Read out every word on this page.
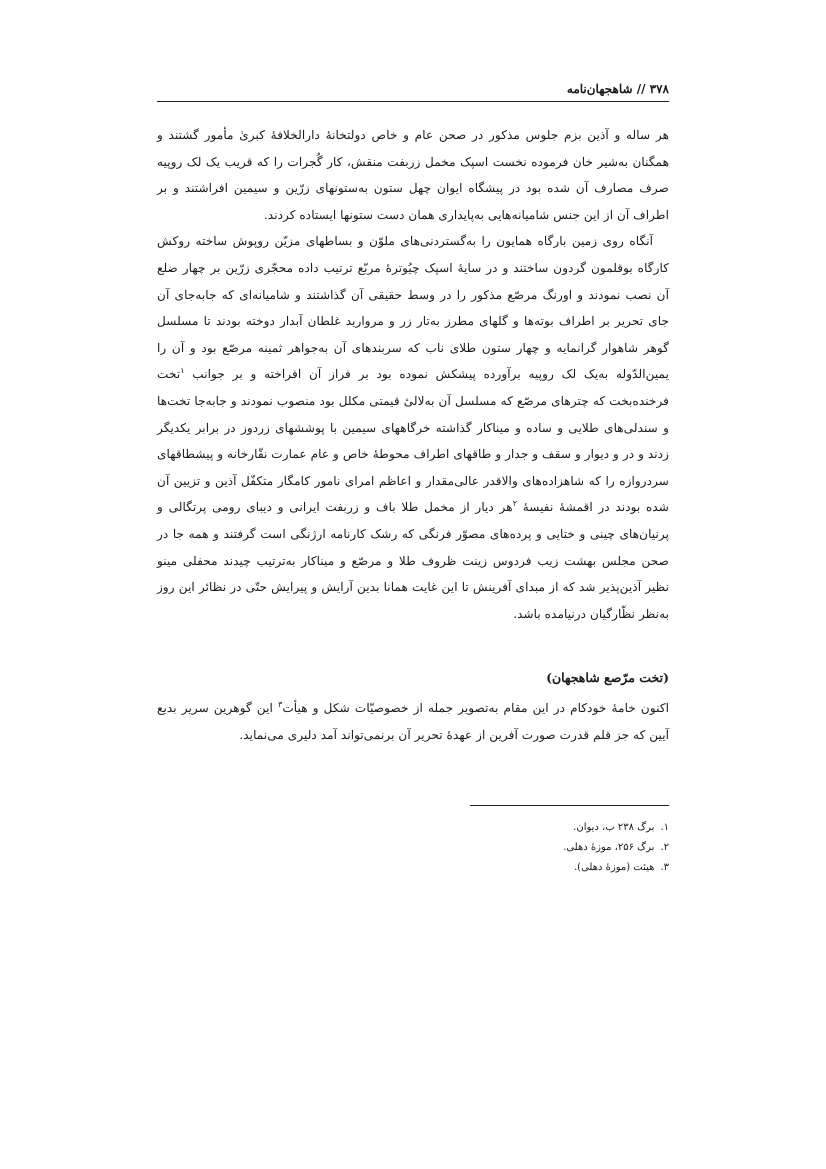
۳۷۸ // شاهجهان‌نامه

هر ساله و آذین بزم جلوس مذکور در صحن عام و خاص دولتخانهٔ دارالخلافهٔ کبریٰ مأمور گشتند و همگنان به‌شیر خان فرموده نخست اسپک مخمل زربفت منقش، کار گُجرات را که قریب یک لک روپیه صرف مصارف آن شده بود در پیشگاه ایوان چهل ستون به‌ستونهای زرّین و سیمین افراشتند و بر اطراف آن از این جنس شامیانه‌هایی به‌پایداری همان دست ستونها ایستاده کردند.

آنگاه روی زمین بارگاه همایون را به‌گستردنی‌های ملوّن و بساطهای مزیّن روپوش ساخته روکش کارگاه بوقلمون گردون ساختند و در سایهٔ اسپک چیُوترهٔ مربّع ترتیب داده محجّری زرّین بر چهار ضلع آن نصب نمودند و اورنگ مرصّع مذکور را در وسط حقیقی آن گذاشتند و شامیانه‌ای که جابه‌جای آن جای تحریر بر اطراف بوته‌ها و گلهای مطرز به‌تار زر و مروارید غلطان آبدار دوخته بودند تا مسلسل گوهر شاهوار گرانمایه و چهار ستون طلای ناب که سربندهای آن به‌جواهر ثمینه مرصّع بود و آن را یمین‌الدّوله به‌یک لک روپیه برآورده پیشکش نموده بود بر فراز آن افراخته و بر جوانب $^۱$تخت فرخنده‌بخت که چترهای مرصّع که مسلسل آن به‌لالیٔ قیمتی مکلل بود منصوب نمودند و جابه‌جا تخت‌ها و سندلی‌های طلایی و ساده و میناکار گذاشته خرگاههای سیمین با پوششهای زردوز در برابر یکدیگر زدند و در و دیوار و سقف و جدار و طاقهای اطراف محوطهٔ خاص و عام عمارت نقّارخانه و پیشطاقهای سردروازه را که شاهزاده‌های والاقدر عالی‌مقدار و اعاظم امرای نامور کامگار متکفّل آذین و تزیین آن شده بودند در اقمشهٔ نفیسهٔ $^۲$هر دیار از مخمل طلا باف و زربفت ایرانی و دیبای رومی پرتگالی و پرنیان‌های چینی و ختایی و پرده‌های مصوّر فرنگی که رشک کارنامه ارژنگی است گرفتند و همه جا در صحن مجلس بهشت زیب فردوس زینت ظروف طلا و مرصّع و میناکار به‌ترتیب چیدند محفلی مینو نظیر آذین‌پذیر شد که از مبدای آفرینش تا این غایت همانا بدین آرایش و پیرایش حتّی در نظائر این روز به‌نظر نظّارگیان درنیامده باشد.

(تخت مرّصع شاهجهان)

اکنون خامهٔ خودکام در این مقام به‌تصویر جمله از خصوصیّات شکل و هیأت$^۳$ این گوهرین سریر بدیع آیین که جز قلم قدرت صورت آفرین از عهدهٔ تحریر آن برنمی‌تواند آمد دلیری می‌نماید.

۱.برگ ۲۳۸ ب، دیوان.
۲.برگ ۲۵۶، موزهٔ دهلی.
۳.هیئت (موزهٔ دهلی).
